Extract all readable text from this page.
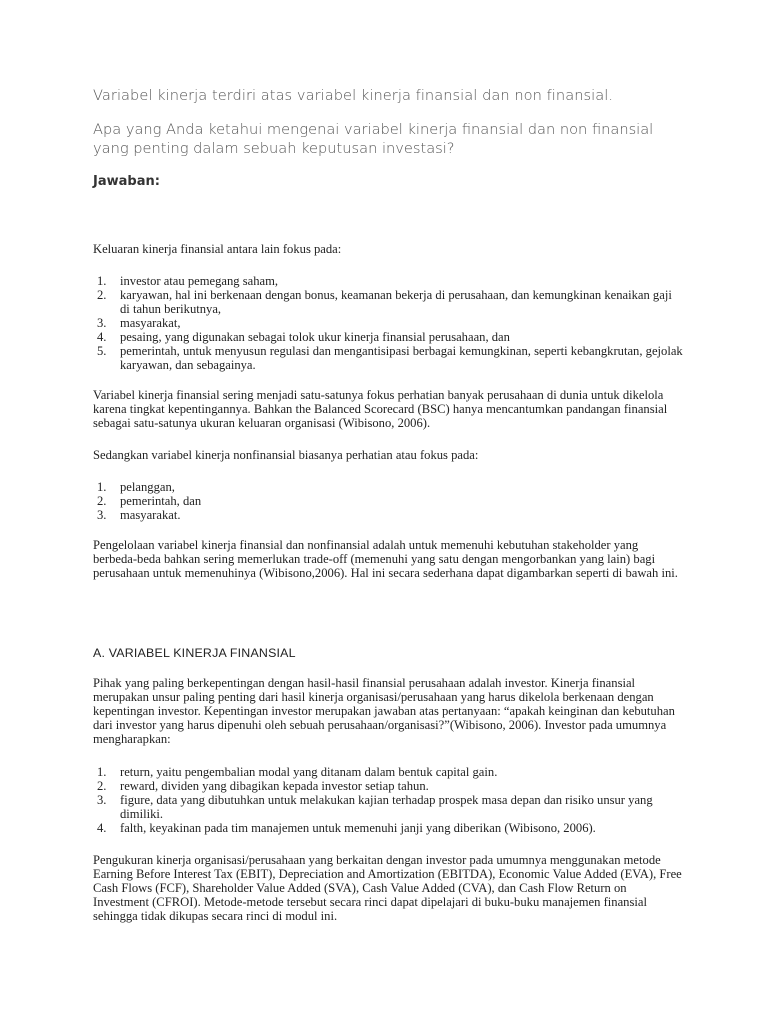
Variabel kinerja terdiri atas variabel kinerja finansial dan non finansial.
Apa yang Anda ketahui mengenai variabel kinerja finansial dan non finansial yang penting dalam sebuah keputusan investasi?
Jawaban:

Keluaran kinerja finansial antara lain fokus pada:

1. investor atau pemegang saham,
2. karyawan, hal ini berkenaan dengan bonus, keamanan bekerja di perusahaan, dan kemungkinan kenaikan gaji di tahun berikutnya,
3. masyarakat,
4. pesaing, yang digunakan sebagai tolok ukur kinerja finansial perusahaan, dan
5. pemerintah, untuk menyusun regulasi dan mengantisipasi berbagai kemungkinan, seperti kebangkrutan, gejolak karyawan, dan sebagainya.

Variabel kinerja finansial sering menjadi satu-satunya fokus perhatian banyak perusahaan di dunia untuk dikelola karena tingkat kepentingannya. Bahkan the Balanced Scorecard (BSC) hanya mencantumkan pandangan finansial sebagai satu-satunya ukuran keluaran organisasi (Wibisono, 2006).

Sedangkan variabel kinerja nonfinansial biasanya perhatian atau fokus pada:

1. pelanggan,
2. pemerintah, dan
3. masyarakat.

Pengelolaan variabel kinerja finansial dan nonfinansial adalah untuk memenuhi kebutuhan stakeholder yang berbeda-beda bahkan sering memerlukan trade-off (memenuhi yang satu dengan mengorbankan yang lain) bagi perusahaan untuk memenuhinya (Wibisono,2006). Hal ini secara sederhana dapat digambarkan seperti di bawah ini.

A. VARIABEL KINERJA FINANSIAL

Pihak yang paling berkepentingan dengan hasil-hasil finansial perusahaan adalah investor. Kinerja finansial merupakan unsur paling penting dari hasil kinerja organisasi/perusahaan yang harus dikelola berkenaan dengan kepentingan investor. Kepentingan investor merupakan jawaban atas pertanyaan: “apakah keinginan dan kebutuhan dari investor yang harus dipenuhi oleh sebuah perusahaan/organisasi?”(Wibisono, 2006). Investor pada umumnya mengharapkan:

1. return, yaitu pengembalian modal yang ditanam dalam bentuk capital gain.
2. reward, dividen yang dibagikan kepada investor setiap tahun.
3. figure, data yang dibutuhkan untuk melakukan kajian terhadap prospek masa depan dan risiko unsur yang dimiliki.
4. falth, keyakinan pada tim manajemen untuk memenuhi janji yang diberikan (Wibisono, 2006).

Pengukuran kinerja organisasi/perusahaan yang berkaitan dengan investor pada umumnya menggunakan metode Earning Before Interest Tax (EBIT), Depreciation and Amortization (EBITDA), Economic Value Added (EVA), Free Cash Flows (FCF), Shareholder Value Added (SVA), Cash Value Added (CVA), dan Cash Flow Return on Investment (CFROI). Metode-metode tersebut secara rinci dapat dipelajari di buku-buku manajemen finansial sehingga tidak dikupas secara rinci di modul ini.
